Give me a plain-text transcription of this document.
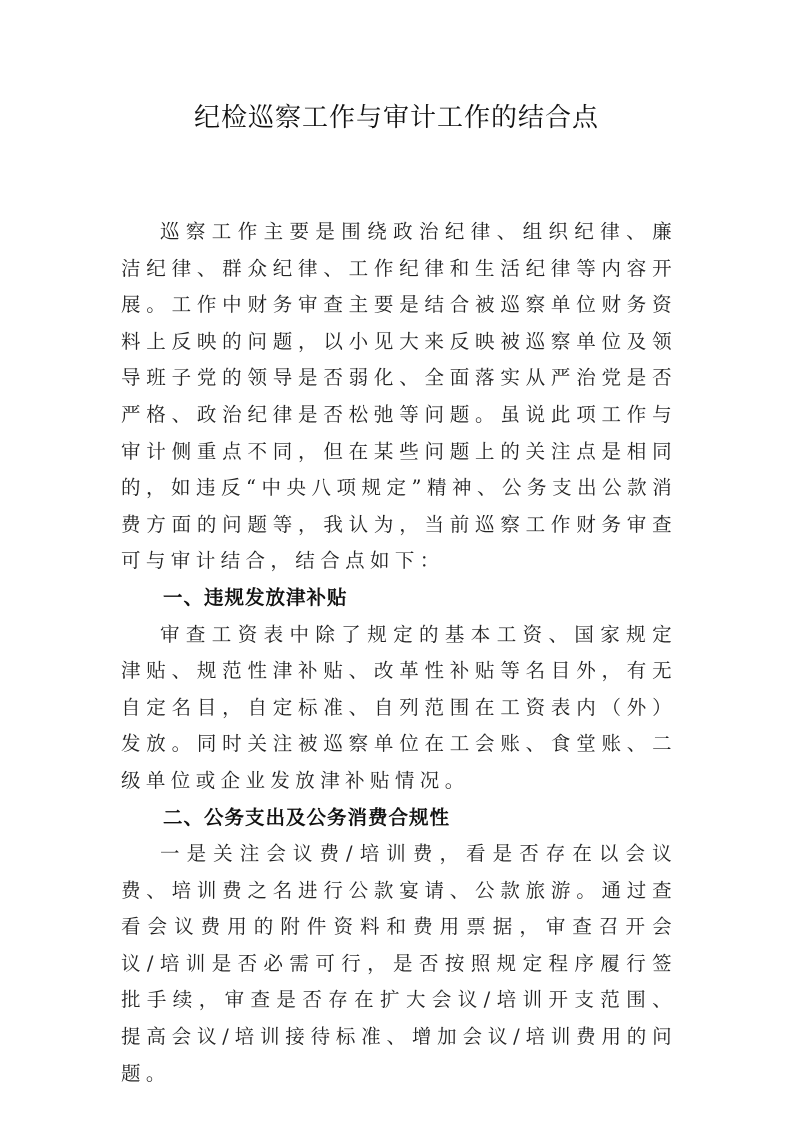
纪检巡察工作与审计工作的结合点

巡察工作主要是围绕政治纪律、组织纪律、廉洁纪律、群众纪律、工作纪律和生活纪律等内容开展。工作中财务审查主要是结合被巡察单位财务资料上反映的问题，以小见大来反映被巡察单位及领导班子党的领导是否弱化、全面落实从严治党是否严格、政治纪律是否松弛等问题。虽说此项工作与审计侧重点不同，但在某些问题上的关注点是相同的，如违反“中央八项规定”精神、公务支出公款消费方面的问题等，我认为，当前巡察工作财务审查可与审计结合，结合点如下：

一、违规发放津补贴

审查工资表中除了规定的基本工资、国家规定津贴、规范性津补贴、改革性补贴等名目外，有无自定名目，自定标准、自列范围在工资表内（外）发放。同时关注被巡察单位在工会账、食堂账、二级单位或企业发放津补贴情况。

二、公务支出及公务消费合规性

一是关注会议费/培训费，看是否存在以会议费、培训费之名进行公款宴请、公款旅游。通过查看会议费用的附件资料和费用票据，审查召开会议/培训是否必需可行，是否按照规定程序履行签批手续，审查是否存在扩大会议/培训开支范围、提高会议/培训接待标准、增加会议/培训费用的问题。
